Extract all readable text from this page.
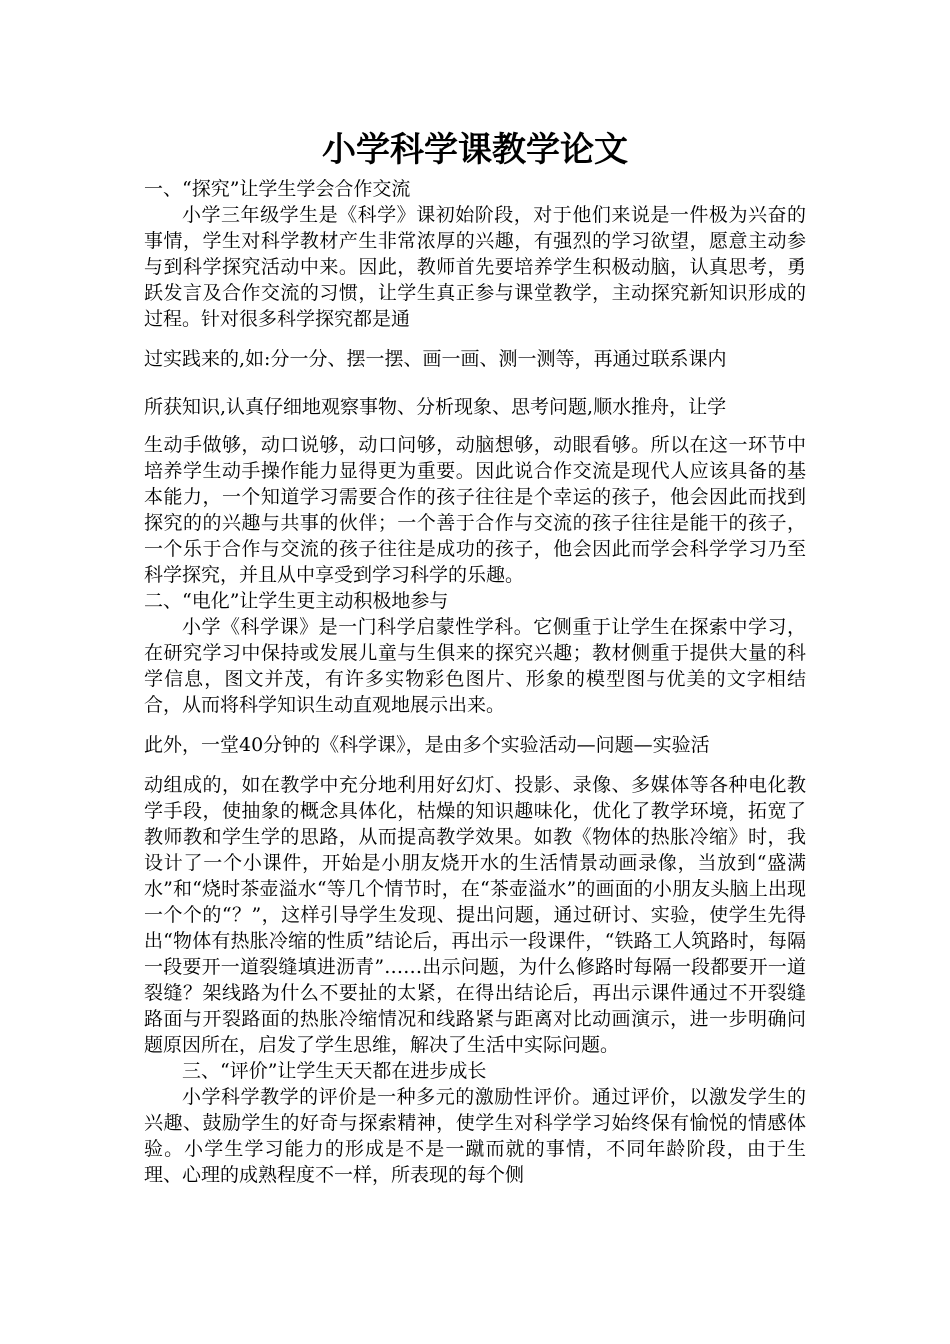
小学科学课教学论文

一、“探究”让学生学会合作交流

小学三年级学生是《科学》课初始阶段，对于他们来说是一件极为兴奋的事情，学生对科学教材产生非常浓厚的兴趣，有强烈的学习欲望，愿意主动参与到科学探究活动中来。因此，教师首先要培养学生积极动脑，认真思考，勇跃发言及合作交流的习惯，让学生真正参与课堂教学，主动探究新知识形成的过程。针对很多科学探究都是通

过实践来的,如:分一分、摆一摆、画一画、测一测等，再通过联系课内

所获知识,认真仔细地观察事物、分析现象、思考问题,顺水推舟，让学

生动手做够，动口说够，动口问够，动脑想够，动眼看够。所以在这一环节中培养学生动手操作能力显得更为重要。因此说合作交流是现代人应该具备的基本能力，一个知道学习需要合作的孩子往往是个幸运的孩子，他会因此而找到探究的的兴趣与共事的伙伴；一个善于合作与交流的孩子往往是能干的孩子，一个乐于合作与交流的孩子往往是成功的孩子，他会因此而学会科学学习乃至科学探究，并且从中享受到学习科学的乐趣。

二、“电化”让学生更主动积极地参与

小学《科学课》是一门科学启蒙性学科。它侧重于让学生在探索中学习，在研究学习中保持或发展儿童与生俱来的探究兴趣；教材侧重于提供大量的科学信息，图文并茂，有许多实物彩色图片、形象的模型图与优美的文字相结合，从而将科学知识生动直观地展示出来。

此外，一堂40分钟的《科学课》，是由多个实验活动—问题—实验活

动组成的，如在教学中充分地利用好幻灯、投影、录像、多媒体等各种电化教学手段，使抽象的概念具体化，枯燥的知识趣味化，优化了教学环境，拓宽了教师教和学生学的思路，从而提高教学效果。如教《物体的热胀冷缩》时，我设计了一个小课件，开始是小朋友烧开水的生活情景动画录像，当放到“盛满水”和“烧时茶壶溢水“等几个情节时，在“茶壶溢水”的画面的小朋友头脑上出现一个个的“？”，这样引导学生发现、提出问题，通过研讨、实验，使学生先得出“物体有热胀冷缩的性质”结论后，再出示一段课件，“铁路工人筑路时，每隔一段要开一道裂缝填进沥青”……出示问题，为什么修路时每隔一段都要开一道裂缝？架线路为什么不要扯的太紧，在得出结论后，再出示课件通过不开裂缝路面与开裂路面的热胀冷缩情况和线路紧与距离对比动画演示，进一步明确问题原因所在，启发了学生思维，解决了生活中实际问题。

三、“评价”让学生天天都在进步成长

小学科学教学的评价是一种多元的激励性评价。通过评价，以激发学生的兴趣、鼓励学生的好奇与探索精神，使学生对科学学习始终保有愉悦的情感体验。小学生学习能力的形成是不是一蹴而就的事情，不同年龄阶段，由于生理、心理的成熟程度不一样，所表现的每个侧
